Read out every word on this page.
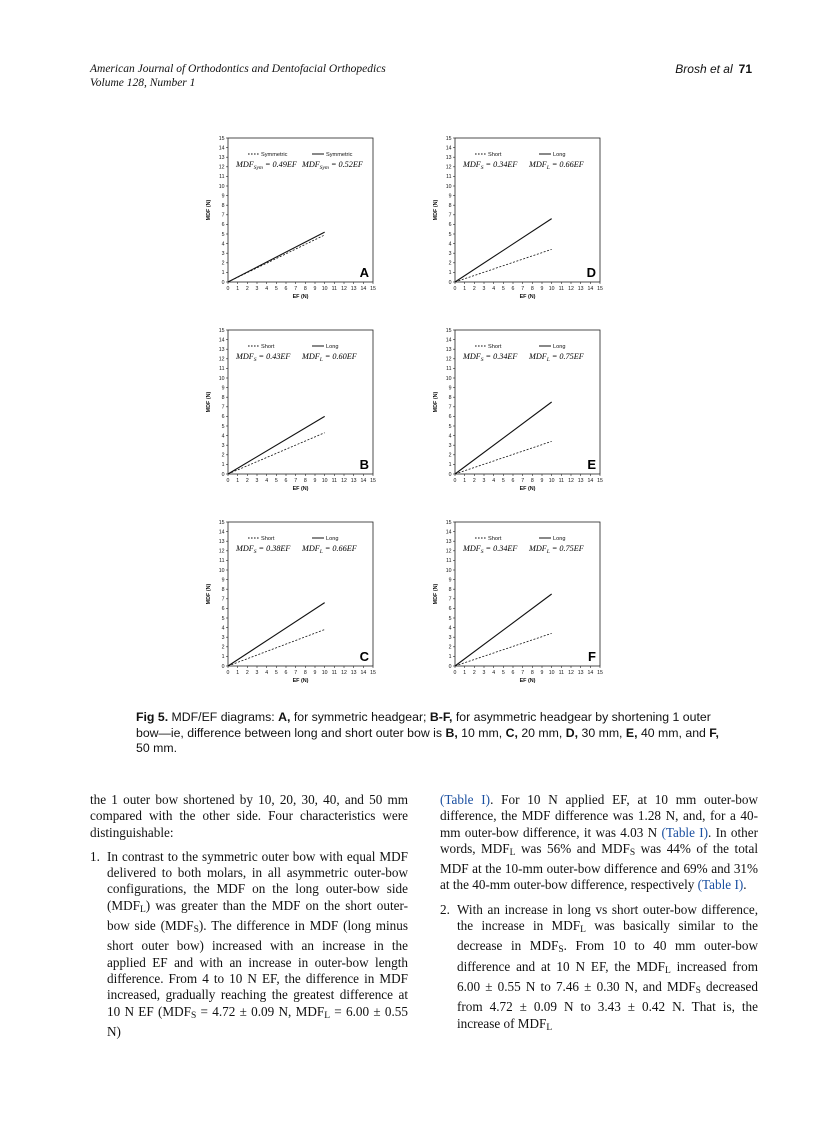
American Journal of Orthodontics and Dentofacial Orthopedics
Volume 128, Number 1
Brosh et al 71
0
1
2
3
4
5
6
7
8
9
10
11
12
13
14
15
0 1 2 3 4 5 6 7 8 9 10 11 12 13 14 15
EF (N)
MDF (N)
Symmetric	Symmetric
$MDF_{Sym} = 0.49EF$ $MDF_{Sym} = 0.52EF$
A
0
1
2
3
4
5
6
7
8
9
10
11
12
13
14
15
0 1 2 3 4 5 6 7 8 9 10 11 12 13 14 15
EF (N)
MDF (N)
Short	Long
$MDF_S = 0.34EF$ $MDF_L = 0.66EF$
D
0
1
2
3
4
5
6
7
8
9
10
11
12
13
14
15
0 1 2 3 4 5 6 7 8 9 10 11 12 13 14 15
EF (N)
MDF (N)
Short	Long
$MDF_S = 0.43EF$ $MDF_L = 0.60EF$
B
0
1
2
3
4
5
6
7
8
9
10
11
12
13
14
15
0 1 2 3 4 5 6 7 8 9 10 11 12 13 14 15
EF (N)
MDF (N)
Short	Long
$MDF_S = 0.34EF$ $MDF_L = 0.75EF$
E
0
1
2
3
4
5
6
7
8
9
10
11
12
13
14
15
0 1 2 3 4 5 6 7 8 9 10 11 12 13 14 15
EF (N)
MDF (N)
Short	Long
$MDF_S = 0.38EF$ $MDF_L = 0.66EF$
C
0
1
2
3
4
5
6
7
8
9
10
11
12
13
14
15
0 1 2 3 4 5 6 7 8 9 10 11 12 13 14 15
EF (N)
MDF (N)
Short	Long
$MDF_S = 0.34EF$ $MDF_L = 0.75EF$
F
Fig 5. MDF/EF diagrams: A, for symmetric headgear; B-F, for asymmetric headgear by shortening 1 outer bow—ie, difference between long and short outer bow is B, 10 mm, C, 20 mm, D, 30 mm, E, 40 mm, and F, 50 mm.

the 1 outer bow shortened by 10, 20, 30, 40, and 50 mm compared with the other side. Four characteristics were distinguishable:

1. In contrast to the symmetric outer bow with equal MDF delivered to both molars, in all asymmetric outer-bow configurations, the MDF on the long outer-bow side $(MDF_L)$ was greater than the MDF on the short outer-bow side $(MDF_S)$. The difference in MDF (long minus short outer bow) increased with an increase in the applied EF and with an increase in outer-bow length difference. From 4 to 10 N EF, the difference in MDF increased, gradually reaching the greatest difference at 10 N EF ($MDF_S = 4.72 \pm 0.09$ N, $MDF_L = 6.00 \pm 0.55$ N)

(Table I). For 10 N applied EF, at 10 mm outer-bow difference, the MDF difference was 1.28 N, and, for a 40-mm outer-bow difference, it was 4.03 N (Table I). In other words, $MDF_L$ was 56% and $MDF_S$ was 44% of the total MDF at the 10-mm outer-bow difference and 69% and 31% at the 40-mm outer-bow difference, respectively (Table I).

2. With an increase in long vs short outer-bow difference, the increase in $MDF_L$ was basically similar to the decrease in $MDF_S$. From 10 to 40 mm outer-bow difference and at 10 N EF, the $MDF_L$ increased from 6.00 ± 0.55 N to 7.46 ± 0.30 N, and $MDF_S$ decreased from 4.72 ± 0.09 N to 3.43 ± 0.42 N. That is, the increase of $MDF_L$
